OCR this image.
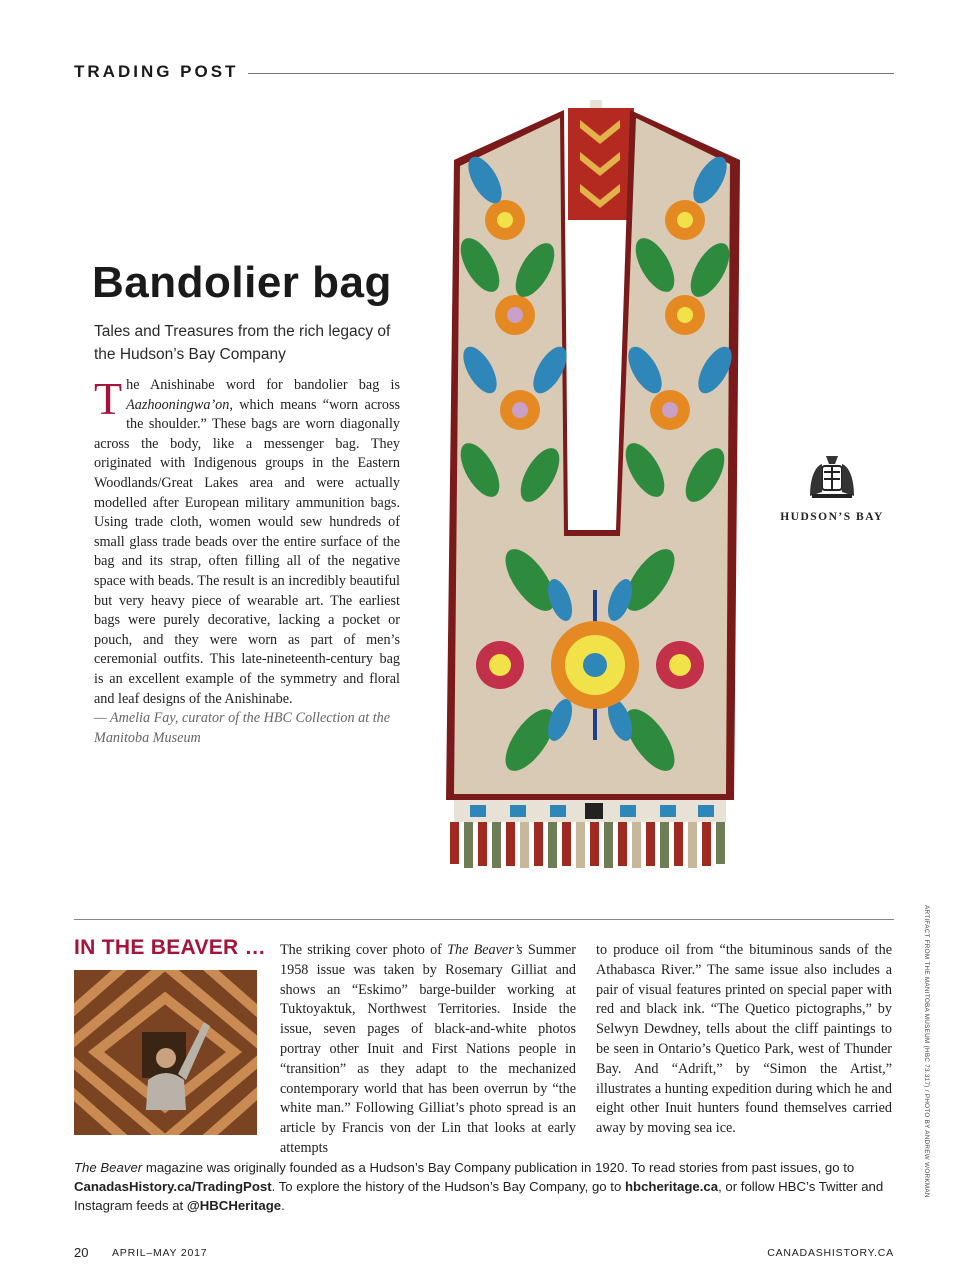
TRADING POST
Bandolier bag
Tales and Treasures from the rich legacy of the Hudson’s Bay Company
The Anishinabe word for bandolier bag is Aazhooningwa’on, which means “worn across the shoulder.” These bags are worn diagonally across the body, like a messenger bag. They originated with Indigenous groups in the Eastern Woodlands/Great Lakes area and were actually modelled after European military ammunition bags. Using trade cloth, women would sew hundreds of small glass trade beads over the entire surface of the bag and its strap, often filling all of the negative space with beads. The result is an incredibly beautiful but very heavy piece of wearable art. The earliest bags were purely decorative, lacking a pocket or pouch, and they were worn as part of men’s ceremonial outfits. This late-nineteenth-century bag is an excellent example of the symmetry and floral and leaf designs of the Anishinabe.
— Amelia Fay, curator of the HBC Collection at the Manitoba Museum
HUDSON’S BAY
ARTIFACT FROM THE MANITOBA MUSEUM (HBC 73.317) / PHOTO BY ANDREW WORKMAN
IN THE BEAVER … The striking cover photo of The Beaver’s Summer 1958 issue was taken by Rosemary Gilliat and shows an “Eskimo” barge-builder working at Tuktoyaktuk, Northwest Territories. Inside the issue, seven pages of black-and-white photos portray other Inuit and First Nations people in “transition” as they adapt to the mechanized contemporary world that has been overrun by “the white man.” Following Gilliat’s photo spread is an article by Francis von der Lin that looks at early attempts
to produce oil from “the bituminous sands of the Athabasca River.” The same issue also includes a pair of visual features printed on special paper with red and black ink. “The Quetico pictographs,” by Selwyn Dewdney, tells about the cliff paintings to be seen in Ontario’s Quetico Park, west of Thunder Bay. And “Adrift,” by “Simon the Artist,” illustrates a hunting expedition during which he and eight other Inuit hunters found themselves carried away by moving sea ice.
The Beaver magazine was originally founded as a Hudson’s Bay Company publication in 1920. To read stories from past issues, go to CanadasHistory.ca/TradingPost. To explore the history of the Hudson’s Bay Company, go to hbcheritage.ca, or follow HBC’s Twitter and Instagram feeds at @HBCHeritage.
20 APRIL–MAY 2017	CANADASHISTORY.CA
